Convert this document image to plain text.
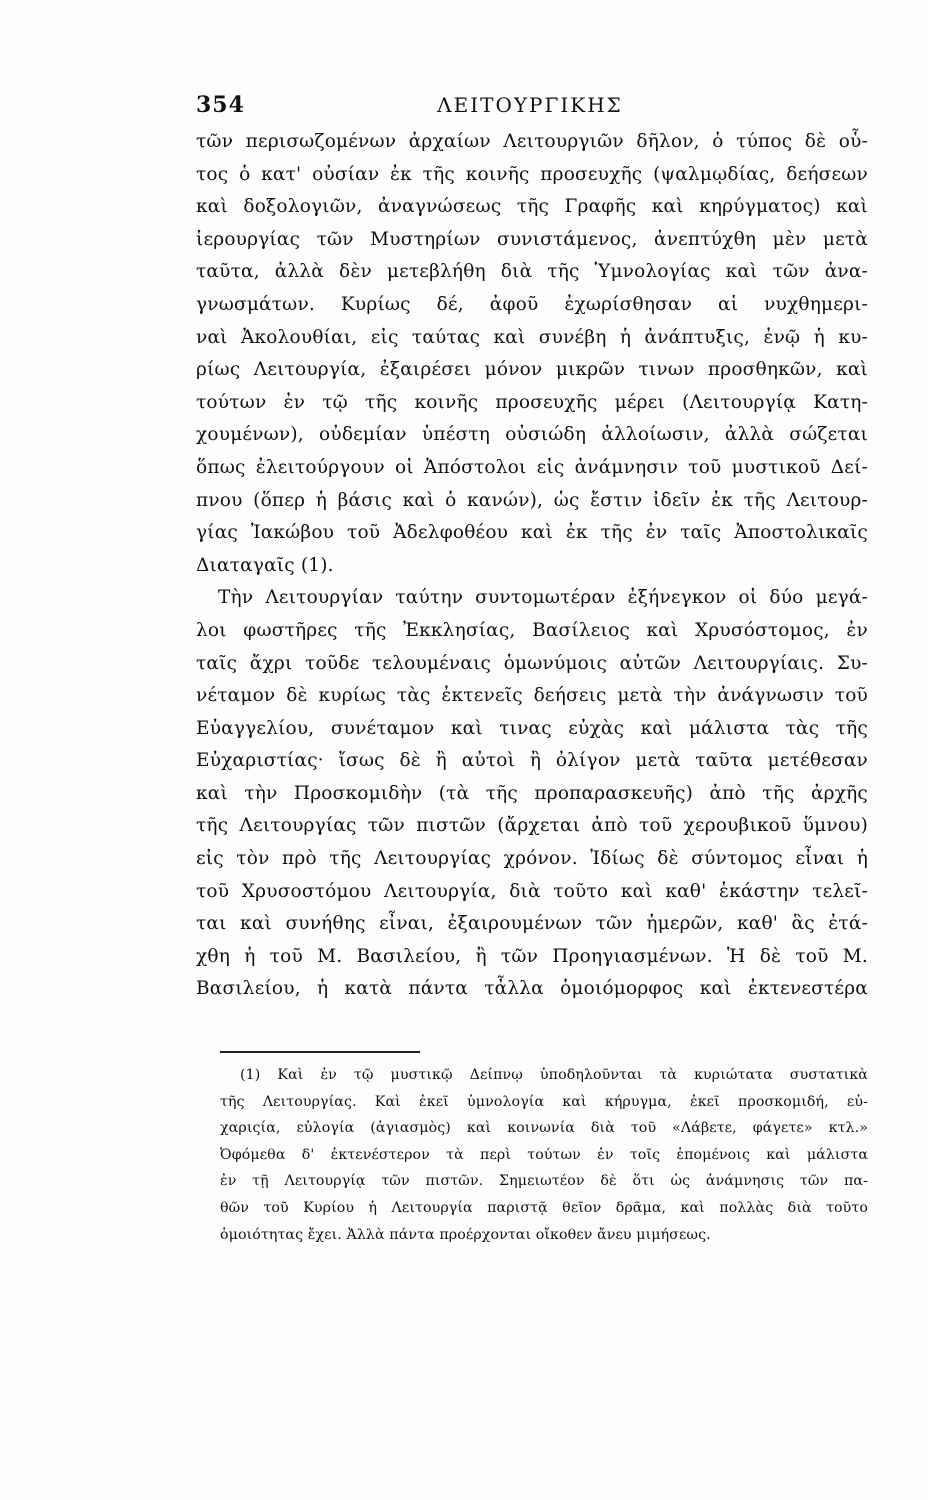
354	ΛΕΙΤΟΥΡΓΙΚΗΣ
τῶν περισωζομένων ἀρχαίων Λειτουργιῶν δῆλον, ὁ τύπος δὲ οὗ-
τος ὁ κατ' οὐσίαν ἐκ τῆς κοινῆς προσευχῆς (ψαλμῳδίας, δεήσεων
καὶ δοξολογιῶν, ἀναγνώσεως τῆς Γραφῆς καὶ κηρύγματος) καὶ
ἱερουργίας τῶν Μυστηρίων συνιστάμενος, ἀνεπτύχθη μὲν μετὰ
ταῦτα, ἀλλὰ δὲν μετεβλήθη διὰ τῆς Ὑμνολογίας καὶ τῶν ἀνα-
γνωσμάτων. Κυρίως δέ, ἀφοῦ ἐχωρίσθησαν αἱ νυχθημερι-
ναὶ Ἀκολουθίαι, εἰς ταύτας καὶ συνέβη ἡ ἀνάπτυξις, ἐνῷ ἡ κυ-
ρίως Λειτουργία, ἐξαιρέσει μόνον μικρῶν τινων προσθηκῶν, καὶ
τούτων ἐν τῷ τῆς κοινῆς προσευχῆς μέρει (Λειτουργίᾳ Κατη-
χουμένων), οὐδεμίαν ὑπέστη οὐσιώδη ἀλλοίωσιν, ἀλλὰ σώζεται
ὅπως ἐλειτούργουν οἱ Ἀπόστολοι εἰς ἀνάμνησιν τοῦ μυστικοῦ Δεί-
πνου (ὅπερ ἡ βάσις καὶ ὁ κανών), ὡς ἔστιν ἰδεῖν ἐκ τῆς Λειτουρ-
γίας Ἰακώβου τοῦ Ἀδελφοθέου καὶ ἐκ τῆς ἐν ταῖς Ἀποστολικαῖς
Διαταγαῖς (1).
Τὴν Λειτουργίαν ταύτην συντομωτέραν ἐξήνεγκον οἱ δύο μεγά-
λοι φωστῆρες τῆς Ἐκκλησίας, Βασίλειος καὶ Χρυσόστομος, ἐν
ταῖς ἄχρι τοῦδε τελουμέναις ὁμωνύμοις αὐτῶν Λειτουργίαις. Συ-
νέταμον δὲ κυρίως τὰς ἐκτενεῖς δεήσεις μετὰ τὴν ἀνάγνωσιν τοῦ
Εὐαγγελίου, συνέταμον καὶ τινας εὐχὰς καὶ μάλιστα τὰς τῆς
Εὐχαριστίας· ἴσως δὲ ἢ αὐτοὶ ἢ ὀλίγον μετὰ ταῦτα μετέθεσαν
καὶ τὴν Προσκομιδὴν (τὰ τῆς προπαρασκευῆς) ἀπὸ τῆς ἀρχῆς
τῆς Λειτουργίας τῶν πιστῶν (ἄρχεται ἀπὸ τοῦ χερουβικοῦ ὕμνου)
εἰς τὸν πρὸ τῆς Λειτουργίας χρόνον. Ἰδίως δὲ σύντομος εἶναι ἡ
τοῦ Χρυσοστόμου Λειτουργία, διὰ τοῦτο καὶ καθ' ἑκάστην τελεῖ-
ται καὶ συνήθης εἶναι, ἐξαιρουμένων τῶν ἡμερῶν, καθ' ἃς ἐτά-
χθη ἡ τοῦ Μ. Βασιλείου, ἢ τῶν Προηγιασμένων. Ἡ δὲ τοῦ Μ.
Βασιλείου, ἡ κατὰ πάντα τἆλλα ὁμοιόμορφος καὶ ἐκτενεστέρα
(1) Καὶ ἐν τῷ μυστικῷ Δείπνῳ ὑποδηλοῦνται τὰ κυριώτατα συστατικὰ
τῆς Λειτουργίας. Καὶ ἐκεῖ ὑμνολογία καὶ κήρυγμα, ἐκεῖ προσκομιδή, εὐ-
χαριςία, εὐλογία (ἁγιασμὸς) καὶ κοινωνία διὰ τοῦ «Λάβετε, φάγετε» κτλ.»
Ὀφόμεθα δ' ἐκτενέστερον τὰ περὶ τούτων ἐν τοῖς ἑπομένοις καὶ μάλιστα
ἐν τῇ Λειτουργίᾳ τῶν πιστῶν. Σημειωτέον δὲ ὅτι ὡς ἀνάμνησις τῶν πα-
θῶν τοῦ Κυρίου ἡ Λειτουργία παριστᾷ θεῖον δρᾶμα, καὶ πολλὰς διὰ τοῦτο
ὁμοιότητας ἔχει. Ἀλλὰ πάντα προέρχονται οἴκοθεν ἄνευ μιμήσεως.
